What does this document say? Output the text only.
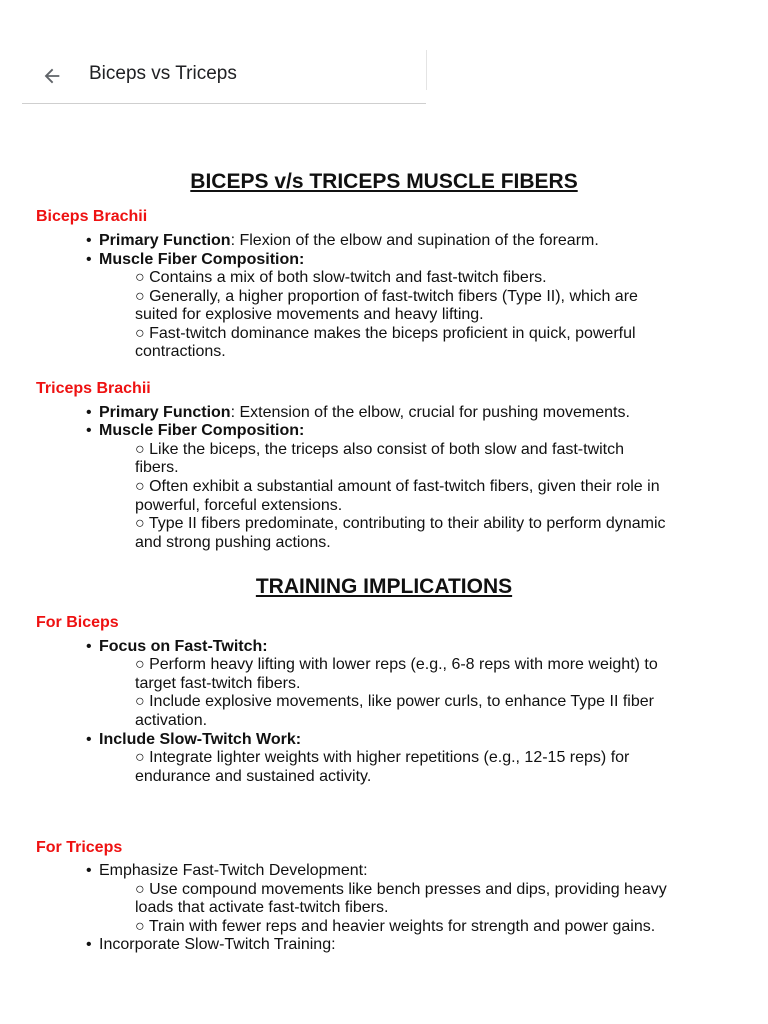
Biceps vs Triceps
BICEPS v/s TRICEPS MUSCLE FIBERS
Biceps Brachii
• Primary Function: Flexion of the elbow and supination of the forearm.
• Muscle Fiber Composition:
○ Contains a mix of both slow-twitch and fast-twitch fibers.
○ Generally, a higher proportion of fast-twitch fibers (Type II), which are
suited for explosive movements and heavy lifting.
○ Fast-twitch dominance makes the biceps proficient in quick, powerful
contractions.
Triceps Brachii
• Primary Function: Extension of the elbow, crucial for pushing movements.
• Muscle Fiber Composition:
○ Like the biceps, the triceps also consist of both slow and fast-twitch
fibers.
○ Often exhibit a substantial amount of fast-twitch fibers, given their role in
powerful, forceful extensions.
○ Type II fibers predominate, contributing to their ability to perform dynamic
and strong pushing actions.
TRAINING IMPLICATIONS
For Biceps
• Focus on Fast-Twitch:
○ Perform heavy lifting with lower reps (e.g., 6-8 reps with more weight) to
target fast-twitch fibers.
○ Include explosive movements, like power curls, to enhance Type II fiber
activation.
• Include Slow-Twitch Work:
○ Integrate lighter weights with higher repetitions (e.g., 12-15 reps) for
endurance and sustained activity.
For Triceps
• Emphasize Fast-Twitch Development:
○ Use compound movements like bench presses and dips, providing heavy
loads that activate fast-twitch fibers.
○ Train with fewer reps and heavier weights for strength and power gains.
• Incorporate Slow-Twitch Training:
